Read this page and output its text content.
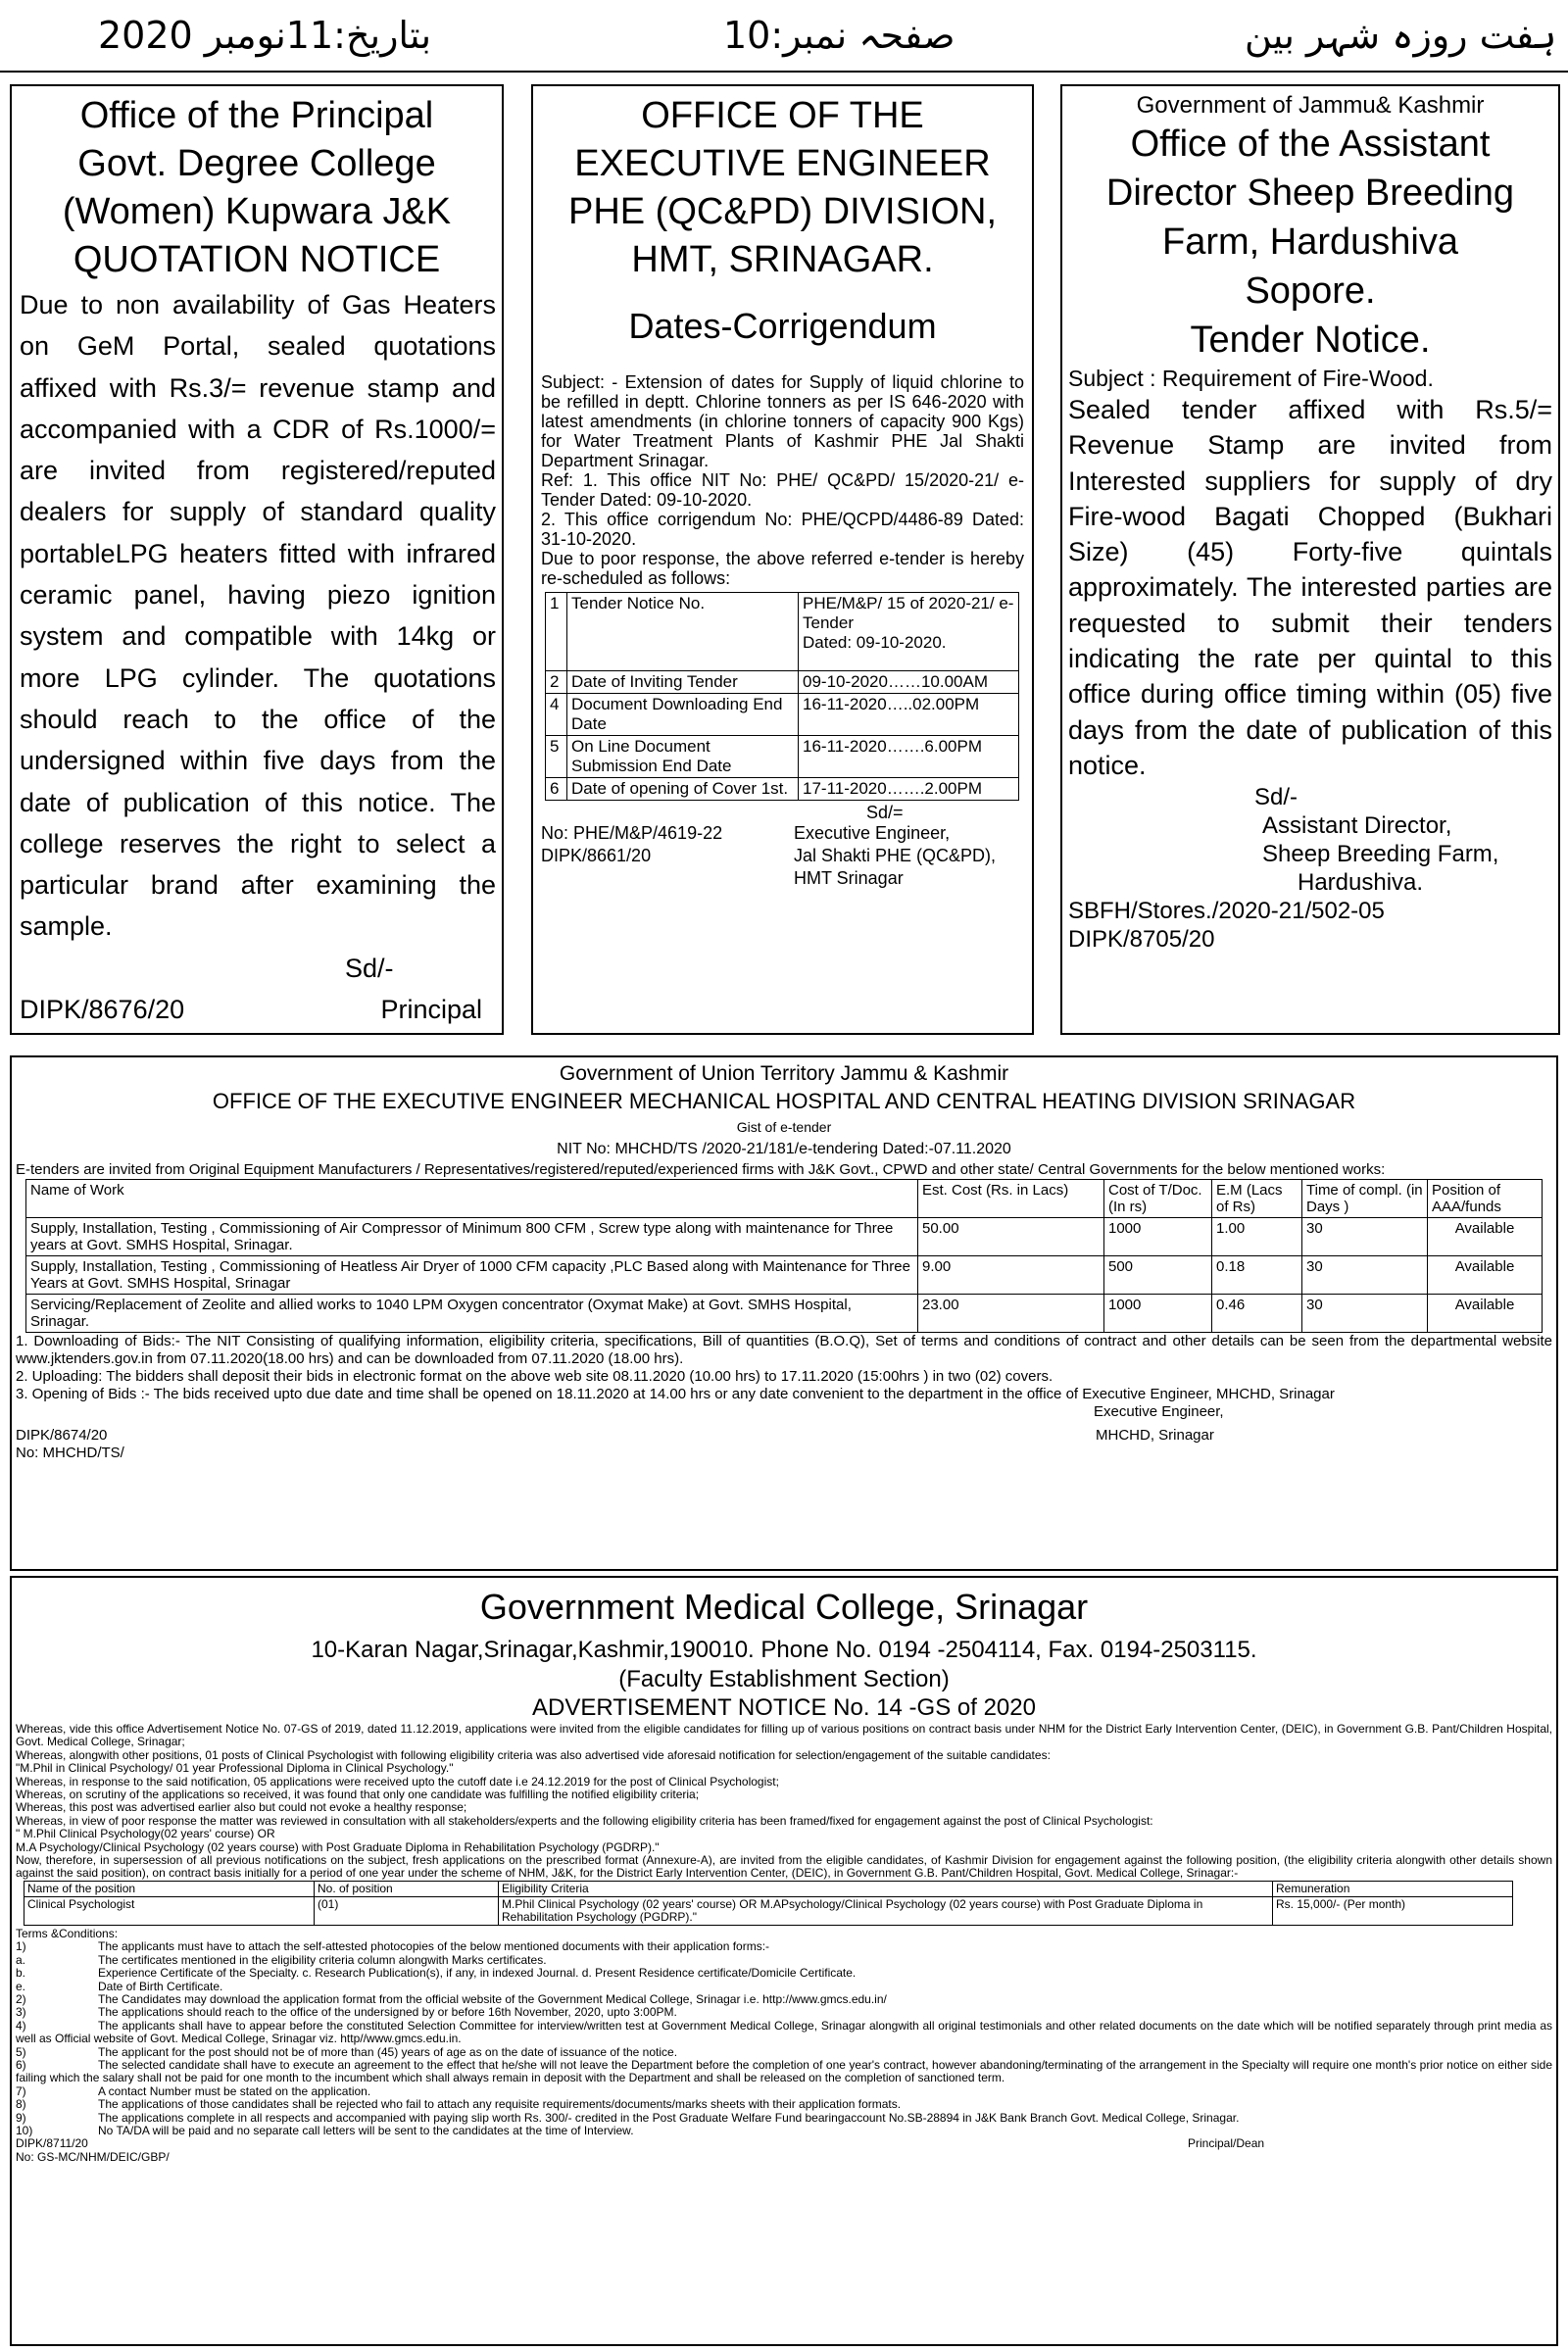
بتاریخ:11نومبر 2020	صفحہ نمبر:10	ہفت روزہ شہر بین
Office of the Principal
Govt. Degree College
(Women) Kupwara J&K
QUOTATION NOTICE
Due to non availability of Gas Heaters on GeM Portal, sealed quotations affixed with Rs.3/= revenue stamp and accompanied with a CDR of Rs.1000/= are invited from registered/reputed dealers for supply of standard quality portableLPG heaters fitted with infrared ceramic panel, having piezo ignition system and compatible with 14kg or more LPG cylinder. The quotations should reach to the office of the undersigned within five days from the date of publication of this notice. The college reserves the right to select a particular brand after examining the sample.
Sd/-
DIPK/8676/20	Principal
OFFICE OF THE
EXECUTIVE ENGINEER
PHE (QC&PD) DIVISION,
HMT, SRINAGAR.
Dates-Corrigendum
Subject: - Extension of dates for Supply of liquid chlorine to be refilled in deptt. Chlorine tonners as per IS 646-2020 with latest amendments (in chlorine tonners of capacity 900 Kgs) for Water Treatment Plants of Kashmir PHE Jal Shakti Department Srinagar.
Ref: 1. This office NIT No: PHE/ QC&PD/ 15/2020-21/ e-Tender Dated: 09-10-2020.
2. This office corrigendum No: PHE/QCPD/4486-89 Dated: 31-10-2020.
Due to poor response, the above referred e-tender is hereby re-scheduled as follows:
1	Tender Notice No.	PHE/M&P/ 15 of 2020-21/ e-Tender
Dated: 09-10-2020.
2	Date of Inviting Tender	09-10-2020……10.00AM
4	Document Downloading End Date	16-11-2020…..02.00PM
5	On Line Document Submission End Date	16-11-2020…….6.00PM
6	Date of opening of Cover 1st.	17-11-2020…….2.00PM
Sd/=
No: PHE/M&P/4619-22
DIPK/8661/20
Executive Engineer,
Jal Shakti PHE (QC&PD),
HMT Srinagar
Government of Jammu& Kashmir
Office of the Assistant
Director Sheep Breeding
Farm, Hardushiva
Sopore.
Tender Notice.
Subject : Requirement of Fire-Wood.
Sealed tender affixed with Rs.5/= Revenue Stamp are invited from Interested suppliers for supply of dry Fire-wood Bagati Chopped (Bukhari Size) (45) Forty-five quintals approximately. The interested parties are requested to submit their tenders indicating the rate per quintal to this office during office timing within (05) five days from the date of publication of this notice.
Sd/-
Assistant Director,
Sheep Breeding Farm,
Hardushiva.
SBFH/Stores./2020-21/502-05
DIPK/8705/20
Government of Union Territory Jammu & Kashmir
OFFICE OF THE EXECUTIVE ENGINEER MECHANICAL HOSPITAL AND CENTRAL HEATING DIVISION SRINAGAR
Gist of e-tender
NIT No: MHCHD/TS /2020-21/181/e-tendering Dated:-07.11.2020
E-tenders are invited from Original Equipment Manufacturers / Representatives/registered/reputed/experienced firms with J&K Govt., CPWD and other state/ Central Governments for the below mentioned works:
Name of Work	Est. Cost (Rs. in Lacs)	Cost of T/Doc. (In rs)	E.M (Lacs of Rs)	Time of compl. (in Days )	Position of AAA/funds
Supply, Installation, Testing , Commissioning of Air Compressor of Minimum 800 CFM , Screw type along with maintenance for Three years at Govt. SMHS Hospital, Srinagar.	50.00	1000	1.00	30	Available
Supply, Installation, Testing , Commissioning of Heatless Air Dryer of 1000 CFM capacity ,PLC Based along with Maintenance for Three Years at Govt. SMHS Hospital, Srinagar	9.00	500	0.18	30	Available
Servicing/Replacement of Zeolite and allied works to 1040 LPM Oxygen concentrator (Oxymat Make) at Govt. SMHS Hospital, Srinagar.	23.00	1000	0.46	30	Available
1. Downloading of Bids:- The NIT Consisting of qualifying information, eligibility criteria, specifications, Bill of quantities (B.O.Q), Set of terms and conditions of contract and other details can be seen from the departmental website www.jktenders.gov.in from 07.11.2020(18.00 hrs) and can be downloaded from 07.11.2020 (18.00 hrs).
2. Uploading: The bidders shall deposit their bids in electronic format on the above web site 08.11.2020 (10.00 hrs) to 17.11.2020 (15:00hrs ) in two (02) covers.
3. Opening of Bids :- The bids received upto due date and time shall be opened on 18.11.2020 at 14.00 hrs or any date convenient to the department in the office of Executive Engineer, MHCHD, Srinagar
Executive Engineer,
DIPK/8674/20	MHCHD, Srinagar
No: MHCHD/TS/
Government Medical College, Srinagar
10-Karan Nagar,Srinagar,Kashmir,190010. Phone No. 0194 -2504114, Fax. 0194-2503115.
(Faculty Establishment Section)
ADVERTISEMENT NOTICE No. 14 -GS of 2020
Whereas, vide this office Advertisement Notice No. 07-GS of 2019, dated 11.12.2019, applications were invited from the eligible candidates for filling up of various positions on contract basis under NHM for the District Early Intervention Center, (DEIC), in Government G.B. Pant/Children Hospital, Govt. Medical College, Srinagar;
Whereas, alongwith other positions, 01 posts of Clinical Psychologist with following eligibility criteria was also advertised vide aforesaid notification for selection/engagement of the suitable candidates:
"M.Phil in Clinical Psychology/ 01 year Professional Diploma in Clinical Psychology."
Whereas, in response to the said notification, 05 applications were received upto the cutoff date i.e 24.12.2019 for the post of Clinical Psychologist;
Whereas, on scrutiny of the applications so received, it was found that only one candidate was fulfilling the notified eligibility criteria;
Whereas, this post was advertised earlier also but could not evoke a healthy response;
Whereas, in view of poor response the matter was reviewed in consultation with all stakeholders/experts and the following eligibility criteria has been framed/fixed for engagement against the post of Clinical Psychologist:
" M.Phil Clinical Psychology(02 years' course) OR
M.A Psychology/Clinical Psychology (02 years course) with Post Graduate Diploma in Rehabilitation Psychology (PGDRP)."
Now, therefore, in supersession of all previous notifications on the subject, fresh applications on the prescribed format (Annexure-A), are invited from the eligible candidates, of Kashmir Division for engagement against the following position, (the eligibility criteria alongwith other details shown against the said position), on contract basis initially for a period of one year under the scheme of NHM, J&K, for the District Early Intervention Center, (DEIC), in Government G.B. Pant/Children Hospital, Govt. Medical College, Srinagar:-
Name of the position	No. of position	Eligibility Criteria	Remuneration
Clinical Psychologist	(01)	M.Phil Clinical Psychology (02 years' course) OR M.APsychology/Clinical Psychology (02 years course) with Post Graduate Diploma in Rehabilitation Psychology (PGDRP)."	Rs. 15,000/- (Per month)
Terms &Conditions:
1)	The applicants must have to attach the self-attested photocopies of the below mentioned documents with their application forms:-
a.	The certificates mentioned in the eligibility criteria column alongwith Marks certificates.
b.	Experience Certificate of the Specialty. c. Research Publication(s), if any, in indexed Journal. d. Present Residence certificate/Domicile Certificate.
e.	Date of Birth Certificate.
2)	The Candidates may download the application format from the official website of the Government Medical College, Srinagar i.e. http://www.gmcs.edu.in/
3)	The applications should reach to the office of the undersigned by or before 16th November, 2020, upto 3:00PM.
4)	The applicants shall have to appear before the constituted Selection Committee for interview/written test at Government Medical College, Srinagar alongwith all original testimonials and other related documents on the date which will be notified separately through print media as well as Official website of Govt. Medical College, Srinagar viz. http//www.gmcs.edu.in.
5)	The applicant for the post should not be of more than (45) years of age as on the date of issuance of the notice.
6)	The selected candidate shall have to execute an agreement to the effect that he/she will not leave the Department before the completion of one year's contract, however abandoning/terminating of the arrangement in the Specialty will require one month's prior notice on either side failing which the salary shall not be paid for one month to the incumbent which shall always remain in deposit with the Department and shall be released on the completion of sanctioned term.
7)	A contact Number must be stated on the application.
8)	The applications of those candidates shall be rejected who fail to attach any requisite requirements/documents/marks sheets with their application formats.
9)	The applications complete in all respects and accompanied with paying slip worth Rs. 300/- credited in the Post Graduate Welfare Fund bearingaccount No.SB-28894 in J&K Bank Branch Govt. Medical College, Srinagar.
10)	No TA/DA will be paid and no separate call letters will be sent to the candidates at the time of Interview.
DIPK/8711/20	Principal/Dean
No: GS-MC/NHM/DEIC/GBP/
